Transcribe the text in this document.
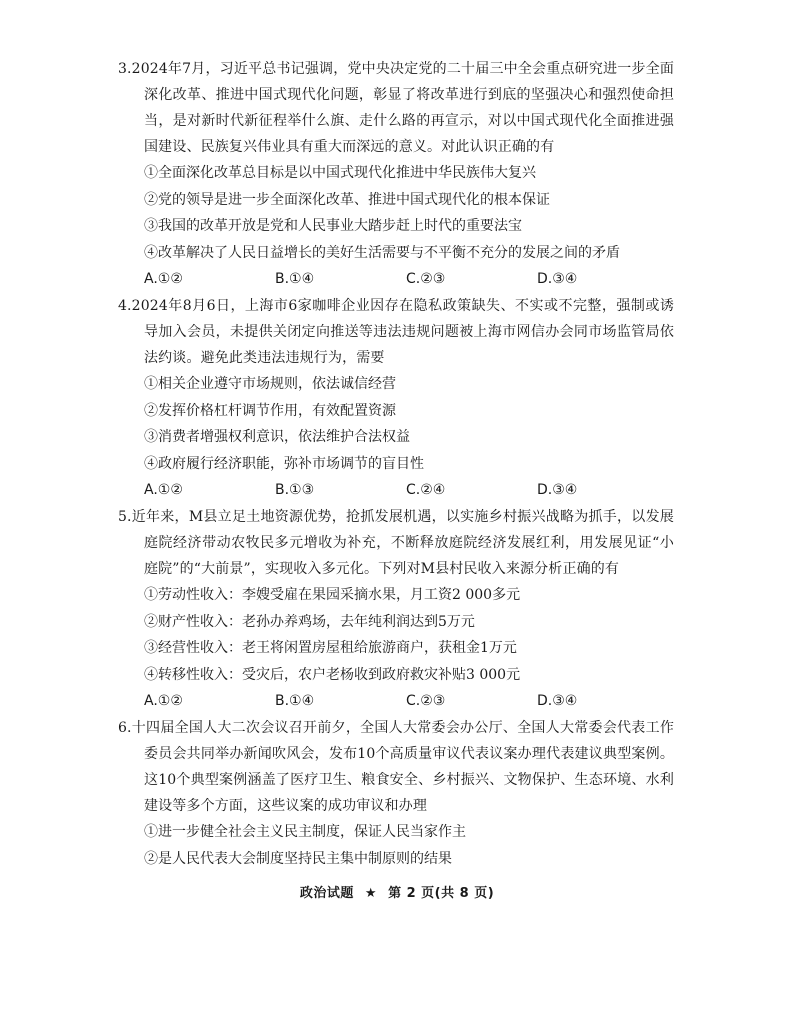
3.2024年7月，习近平总书记强调，党中央决定党的二十届三中全会重点研究进一步全面深化改革、推进中国式现代化问题，彰显了将改革进行到底的坚强决心和强烈使命担当，是对新时代新征程举什么旗、走什么路的再宣示，对以中国式现代化全面推进强国建设、民族复兴伟业具有重大而深远的意义。对此认识正确的有

①全面深化改革总目标是以中国式现代化推进中华民族伟大复兴

②党的领导是进一步全面深化改革、推进中国式现代化的根本保证

③我国的改革开放是党和人民事业大踏步赶上时代的重要法宝

④改革解决了人民日益增长的美好生活需要与不平衡不充分的发展之间的矛盾

A.①②	B.①④	C.②③	D.③④

4.2024年8月6日，上海市6家咖啡企业因存在隐私政策缺失、不实或不完整，强制或诱导加入会员，未提供关闭定向推送等违法违规问题被上海市网信办会同市场监管局依法约谈。避免此类违法违规行为，需要

①相关企业遵守市场规则，依法诚信经营

②发挥价格杠杆调节作用，有效配置资源

③消费者增强权利意识，依法维护合法权益

④政府履行经济职能，弥补市场调节的盲目性

A.①②	B.①③	C.②④	D.③④

5.近年来，M县立足土地资源优势，抢抓发展机遇，以实施乡村振兴战略为抓手，以发展庭院经济带动农牧民多元增收为补充，不断释放庭院经济发展红利，用发展见证“小庭院”的“大前景”，实现收入多元化。下列对M县村民收入来源分析正确的有

①劳动性收入：李嫂受雇在果园采摘水果，月工资2 000多元

②财产性收入：老孙办养鸡场，去年纯利润达到5万元

③经营性收入：老王将闲置房屋租给旅游商户，获租金1万元

④转移性收入：受灾后，农户老杨收到政府救灾补贴3 000元

A.①②	B.①④	C.②③	D.③④

6.十四届全国人大二次会议召开前夕，全国人大常委会办公厅、全国人大常委会代表工作委员会共同举办新闻吹风会，发布10个高质量审议代表议案办理代表建议典型案例。这10个典型案例涵盖了医疗卫生、粮食安全、乡村振兴、文物保护、生态环境、水利建设等多个方面，这些议案的成功审议和办理

①进一步健全社会主义民主制度，保证人民当家作主

②是人民代表大会制度坚持民主集中制原则的结果

政治试题 ★ 第 2 页(共 8 页)
